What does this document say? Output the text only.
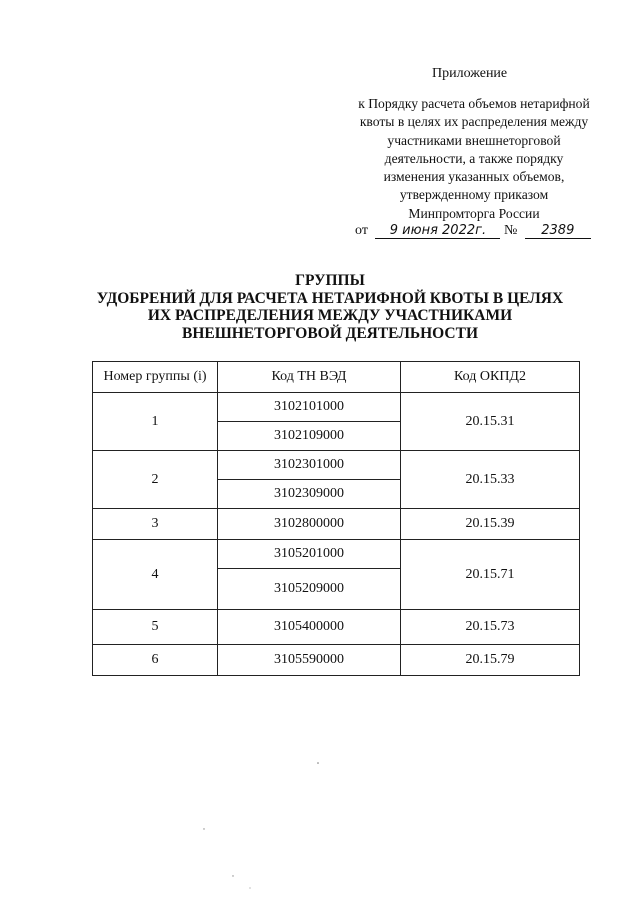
Приложение
к Порядку расчета объемов нетарифной
квоты в целях их распределения между
участниками внешнеторговой
деятельности, а также порядку
изменения указанных объемов,
утвержденному приказом
Минпромторга России
от 9 июня 2022г. № 2389
ГРУППЫ
УДОБРЕНИЙ ДЛЯ РАСЧЕТА НЕТАРИФНОЙ КВОТЫ В ЦЕЛЯХ
ИХ РАСПРЕДЕЛЕНИЯ МЕЖДУ УЧАСТНИКАМИ
ВНЕШНЕТОРГОВОЙ ДЕЯТЕЛЬНОСТИ
Номер группы (i)	Код ТН ВЭД	Код ОКПД2
1	3102101000	20.15.31
	3102109000	
2	3102301000	20.15.33
	3102309000	
3	3102800000	20.15.39
4	3105201000	20.15.71
	3105209000	
5	3105400000	20.15.73
6	3105590000	20.15.79
